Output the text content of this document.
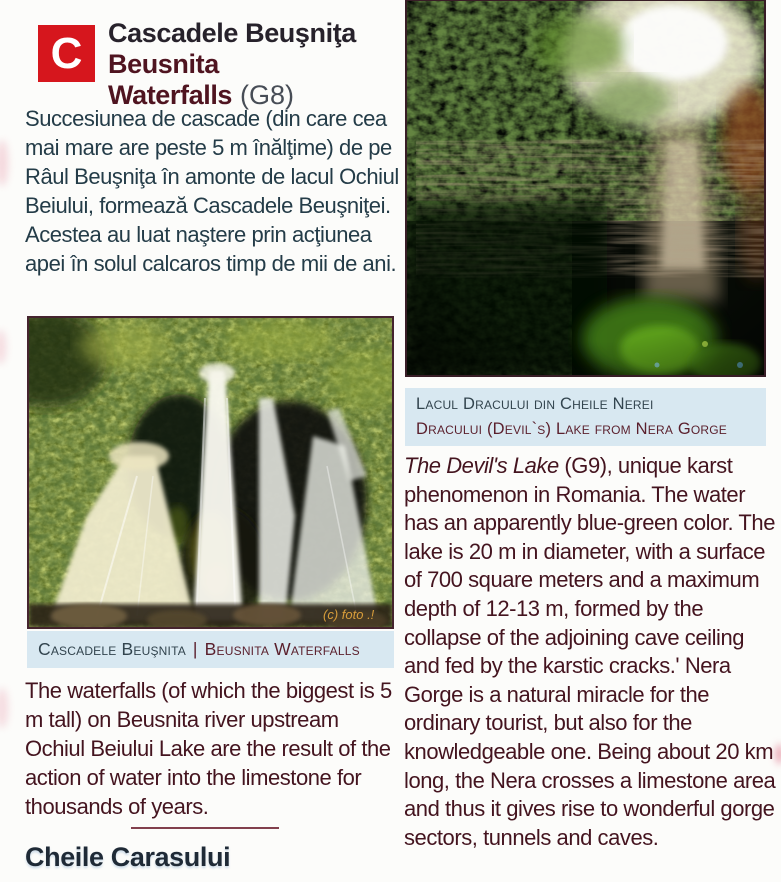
C Cascadele Beuşniţa
Beusnita
Waterfalls (G8)
Succesiunea de cascade (din care cea mai mare are peste 5 m înălţime) de pe Râul Beuşniţa în amonte de lacul Ochiul Beiului, formează Cascadele Beuşniţei. Acestea au luat naştere prin acţiunea apei în solul calcaros timp de mii de ani.
(c) foto .!
Cascadele Beuşnita | Beusnita Waterfalls
The waterfalls (of which the biggest is 5 m tall) on Beusnita river upstream Ochiul Beiului Lake are the result of the action of water into the limestone for thousands of years.
Cheile Carasului
Lacul Dracului din Cheile Nerei
Dracului (Devil`s) Lake from Nera Gorge
The Devil's Lake (G9), unique karst phenomenon in Romania. The water has an apparently blue-green color. The lake is 20 m in diameter, with a surface of 700 square meters and a maximum depth of 12-13 m, formed by the collapse of the adjoining cave ceiling and fed by the karstic cracks.' Nera Gorge is a natural miracle for the ordinary tourist, but also for the knowledgeable one. Being about 20 km long, the Nera crosses a limestone area and thus it gives rise to wonderful gorge sectors, tunnels and caves.
